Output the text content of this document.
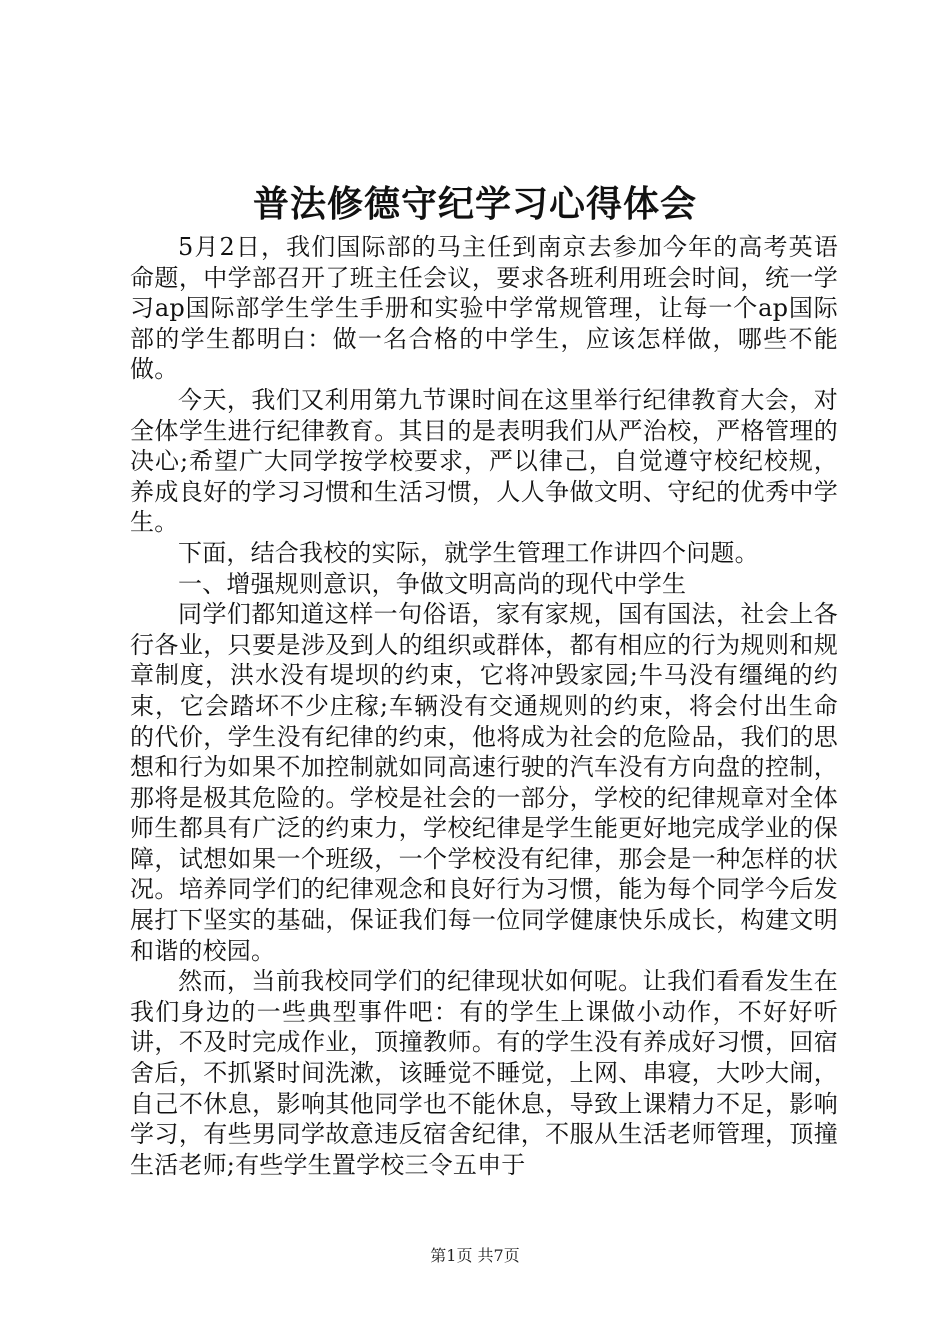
普法修德守纪学习心得体会

5月2日，我们国际部的马主任到南京去参加今年的高考英语命题，中学部召开了班主任会议，要求各班利用班会时间，统一学习ap国际部学生学生手册和实验中学常规管理，让每一个ap国际部的学生都明白：做一名合格的中学生，应该怎样做，哪些不能做。

今天，我们又利用第九节课时间在这里举行纪律教育大会，对全体学生进行纪律教育。其目的是表明我们从严治校，严格管理的决心;希望广大同学按学校要求，严以律己，自觉遵守校纪校规，养成良好的学习习惯和生活习惯，人人争做文明、守纪的优秀中学生。

下面，结合我校的实际，就学生管理工作讲四个问题。

一、增强规则意识，争做文明高尚的现代中学生

同学们都知道这样一句俗语，家有家规，国有国法，社会上各行各业，只要是涉及到人的组织或群体，都有相应的行为规则和规章制度，洪水没有堤坝的约束，它将冲毁家园;牛马没有缰绳的约束，它会踏坏不少庄稼;车辆没有交通规则的约束，将会付出生命的代价，学生没有纪律的约束，他将成为社会的危险品，我们的思想和行为如果不加控制就如同高速行驶的汽车没有方向盘的控制，那将是极其危险的。学校是社会的一部分，学校的纪律规章对全体师生都具有广泛的约束力，学校纪律是学生能更好地完成学业的保障，试想如果一个班级，一个学校没有纪律，那会是一种怎样的状况。培养同学们的纪律观念和良好行为习惯，能为每个同学今后发展打下坚实的基础，保证我们每一位同学健康快乐成长，构建文明和谐的校园。

然而，当前我校同学们的纪律现状如何呢。让我们看看发生在我们身边的一些典型事件吧：有的学生上课做小动作，不好好听讲，不及时完成作业，顶撞教师。有的学生没有养成好习惯，回宿舍后，不抓紧时间洗漱，该睡觉不睡觉，上网、串寝，大吵大闹，自己不休息，影响其他同学也不能休息，导致上课精力不足，影响学习，有些男同学故意违反宿舍纪律，不服从生活老师管理，顶撞生活老师;有些学生置学校三令五申于

第1页 共7页
